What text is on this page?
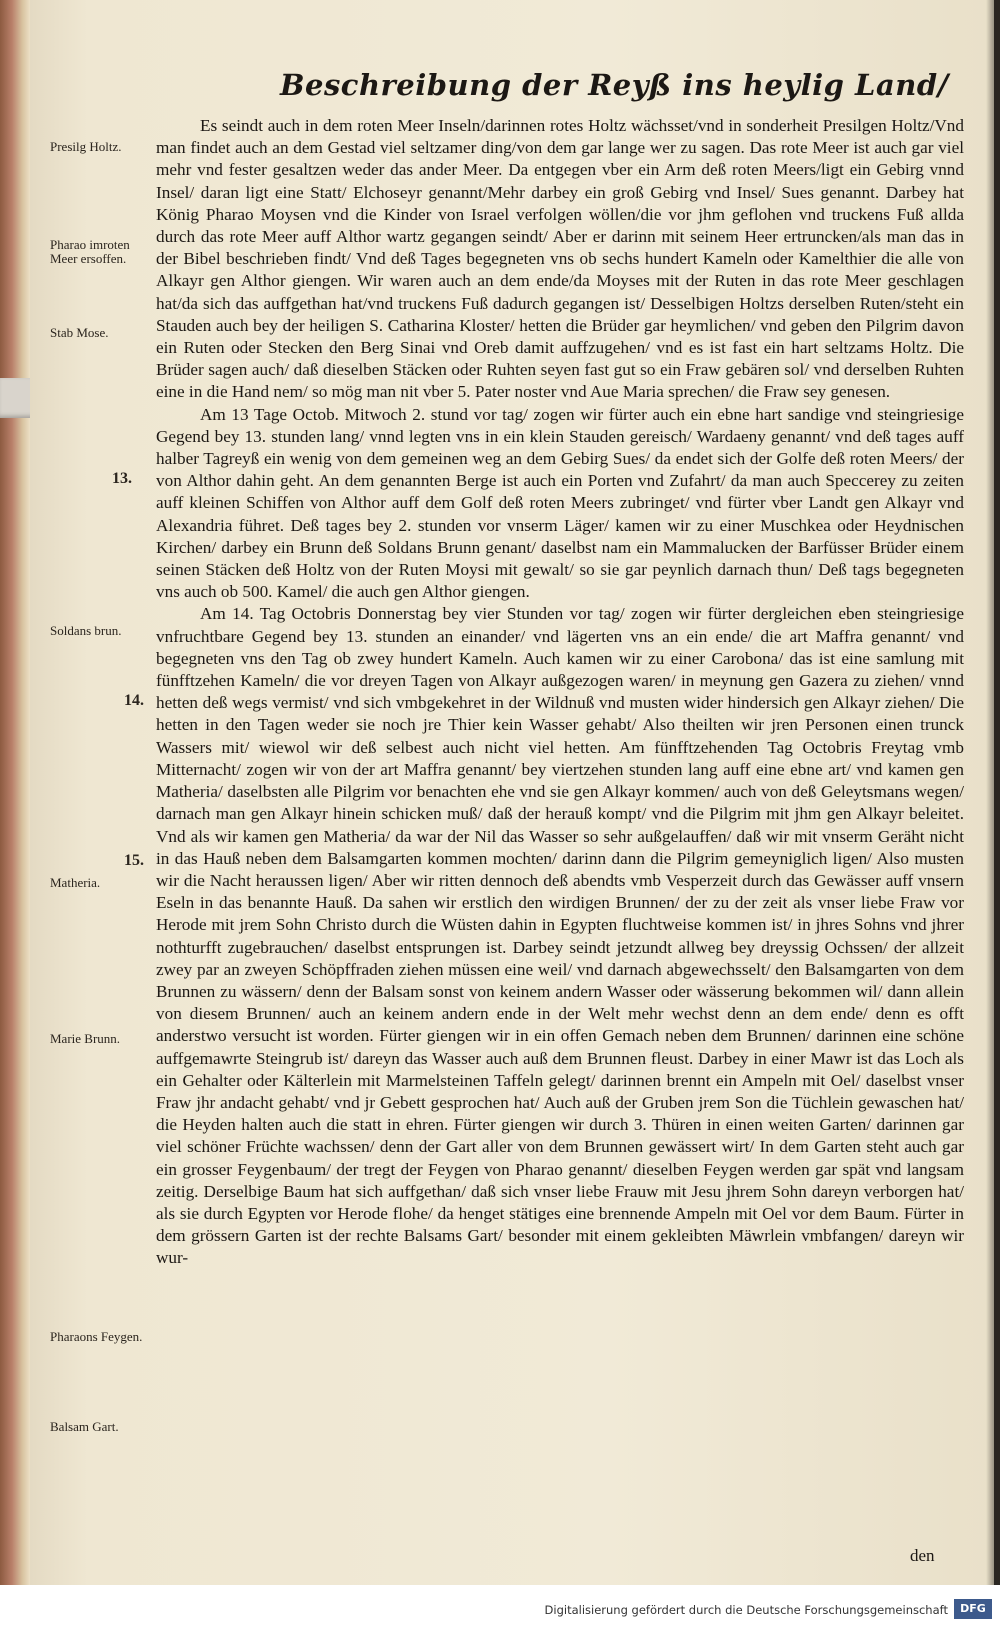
Beschreibung der Reyß ins heylig Land/
Presilg Holtz.
Pharao imroten Meer ersoffen.
Stab Mose.
13.
Soldans brun.
14.
15.
Matheria.
Marie Brunn.
Pharaons Feygen.
Balsam Gart.

Es seindt auch in dem roten Meer Inseln/darinnen rotes Holtz wächsset/vnd in sonderheit Presilgen Holtz/Vnd man findet auch an dem Gestad viel seltzamer ding/von dem gar lange wer zu sagen. Das rote Meer ist auch gar viel mehr vnd fester gesaltzen weder das ander Meer. Da entgegen vber ein Arm deß roten Meers/ligt ein Gebirg vnnd Insel/ daran ligt eine Statt/ Elchoseyr genannt/Mehr darbey ein groß Gebirg vnd Insel/ Sues genannt. Darbey hat König Pharao Moysen vnd die Kinder von Israel verfolgen wöllen/die vor jhm geflohen vnd truckens Fuß allda durch das rote Meer auff Althor wartz gegangen seindt/ Aber er darinn mit seinem Heer ertruncken/als man das in der Bibel beschrieben findt/ Vnd deß Tages begegneten vns ob sechs hundert Kameln oder Kamelthier die alle von Alkayr gen Althor giengen. Wir waren auch an dem ende/da Moyses mit der Ruten in das rote Meer geschlagen hat/da sich das auffgethan hat/vnd truckens Fuß dadurch gegangen ist/ Desselbigen Holtzs derselben Ruten/steht ein Stauden auch bey der heiligen S. Catharina Kloster/ hetten die Brüder gar heymlichen/ vnd geben den Pilgrim davon ein Ruten oder Stecken den Berg Sinai vnd Oreb damit auffzugehen/ vnd es ist fast ein hart seltzams Holtz. Die Brüder sagen auch/ daß dieselben Stäcken oder Ruhten seyen fast gut so ein Fraw gebären sol/ vnd derselben Ruhten eine in die Hand nem/ so mög man nit vber 5. Pater noster vnd Aue Maria sprechen/ die Fraw sey genesen.

Am 13 Tage Octob. Mitwoch 2. stund vor tag/ zogen wir fürter auch ein ebne hart sandige vnd steingriesige Gegend bey 13. stunden lang/ vnnd legten vns in ein klein Stauden gereisch/ Wardaeny genannt/ vnd deß tages auff halber Tagreyß ein wenig von dem gemeinen weg an dem Gebirg Sues/ da endet sich der Golfe deß roten Meers/ der von Althor dahin geht. An dem genannten Berge ist auch ein Porten vnd Zufahrt/ da man auch Speccerey zu zeiten auff kleinen Schiffen von Althor auff dem Golf deß roten Meers zubringet/ vnd fürter vber Landt gen Alkayr vnd Alexandria führet. Deß tages bey 2. stunden vor vnserm Läger/ kamen wir zu einer Muschkea oder Heydnischen Kirchen/ darbey ein Brunn deß Soldans Brunn genant/ daselbst nam ein Mammalucken der Barfüsser Brüder einem seinen Stäcken deß Holtz von der Ruten Moysi mit gewalt/ so sie gar peynlich darnach thun/ Deß tags begegneten vns auch ob 500. Kamel/ die auch gen Althor giengen.

Am 14. Tag Octobris Donnerstag bey vier Stunden vor tag/ zogen wir fürter dergleichen eben steingriesige vnfruchtbare Gegend bey 13. stunden an einander/ vnd lägerten vns an ein ende/ die art Maffra genannt/ vnd begegneten vns den Tag ob zwey hundert Kameln. Auch kamen wir zu einer Carobona/ das ist eine samlung mit fünfftzehen Kameln/ die vor dreyen Tagen von Alkayr außgezogen waren/ in meynung gen Gazera zu ziehen/ vnnd hetten deß wegs vermist/ vnd sich vmbgekehret in der Wildnuß vnd musten wider hindersich gen Alkayr ziehen/ Die hetten in den Tagen weder sie noch jre Thier kein Wasser gehabt/ Also theilten wir jren Personen einen trunck Wassers mit/ wiewol wir deß selbest auch nicht viel hetten. Am fünfftzehenden Tag Octobris Freytag vmb Mitternacht/ zogen wir von der art Maffra genannt/ bey viertzehen stunden lang auff eine ebne art/ vnd kamen gen Matheria/ daselbsten alle Pilgrim vor benachten ehe vnd sie gen Alkayr kommen/ auch von deß Geleytsmans wegen/ darnach man gen Alkayr hinein schicken muß/ daß der herauß kompt/ vnd die Pilgrim mit jhm gen Alkayr beleitet. Vnd als wir kamen gen Matheria/ da war der Nil das Wasser so sehr außgelauffen/ daß wir mit vnserm Geräht nicht in das Hauß neben dem Balsamgarten kommen mochten/ darinn dann die Pilgrim gemeyniglich ligen/ Also musten wir die Nacht heraussen ligen/ Aber wir ritten dennoch deß abendts vmb Vesperzeit durch das Gewässer auff vnsern Eseln in das benannte Hauß. Da sahen wir erstlich den wirdigen Brunnen/ der zu der zeit als vnser liebe Fraw vor Herode mit jrem Sohn Christo durch die Wüsten dahin in Egypten fluchtweise kommen ist/ in jhres Sohns vnd jhrer nothturfft zugebrauchen/ daselbst entsprungen ist. Darbey seindt jetzundt allweg bey dreyssig Ochssen/ der allzeit zwey par an zweyen Schöpffraden ziehen müssen eine weil/ vnd darnach abgewechsselt/ den Balsamgarten von dem Brunnen zu wässern/ denn der Balsam sonst von keinem andern Wasser oder wässerung bekommen wil/ dann allein von diesem Brunnen/ auch an keinem andern ende in der Welt mehr wechst denn an dem ende/ denn es offt anderstwo versucht ist worden. Fürter giengen wir in ein offen Gemach neben dem Brunnen/ darinnen eine schöne auffgemawrte Steingrub ist/ dareyn das Wasser auch auß dem Brunnen fleust. Darbey in einer Mawr ist das Loch als ein Gehalter oder Kälterlein mit Marmelsteinen Taffeln gelegt/ darinnen brennt ein Ampeln mit Oel/ daselbst vnser Fraw jhr andacht gehabt/ vnd jr Gebett gesprochen hat/ Auch auß der Gruben jrem Son die Tüchlein gewaschen hat/ die Heyden halten auch die statt in ehren. Fürter giengen wir durch 3. Thüren in einen weiten Garten/ darinnen gar viel schöner Früchte wachssen/ denn der Gart aller von dem Brunnen gewässert wirt/ In dem Garten steht auch gar ein grosser Feygenbaum/ der tregt der Feygen von Pharao genannt/ dieselben Feygen werden gar spät vnd langsam zeitig. Derselbige Baum hat sich auffgethan/ daß sich vnser liebe Frauw mit Jesu jhrem Sohn dareyn verborgen hat/ als sie durch Egypten vor Herode flohe/ da henget stätiges eine brennende Ampeln mit Oel vor dem Baum. Fürter in dem grössern Garten ist der rechte Balsams Gart/ besonder mit einem gekleibten Mäwrlein vmbfangen/ dareyn wir wur-

den
Digitalisierung gefördert durch die Deutsche Forschungsgemeinschaft	DFG
